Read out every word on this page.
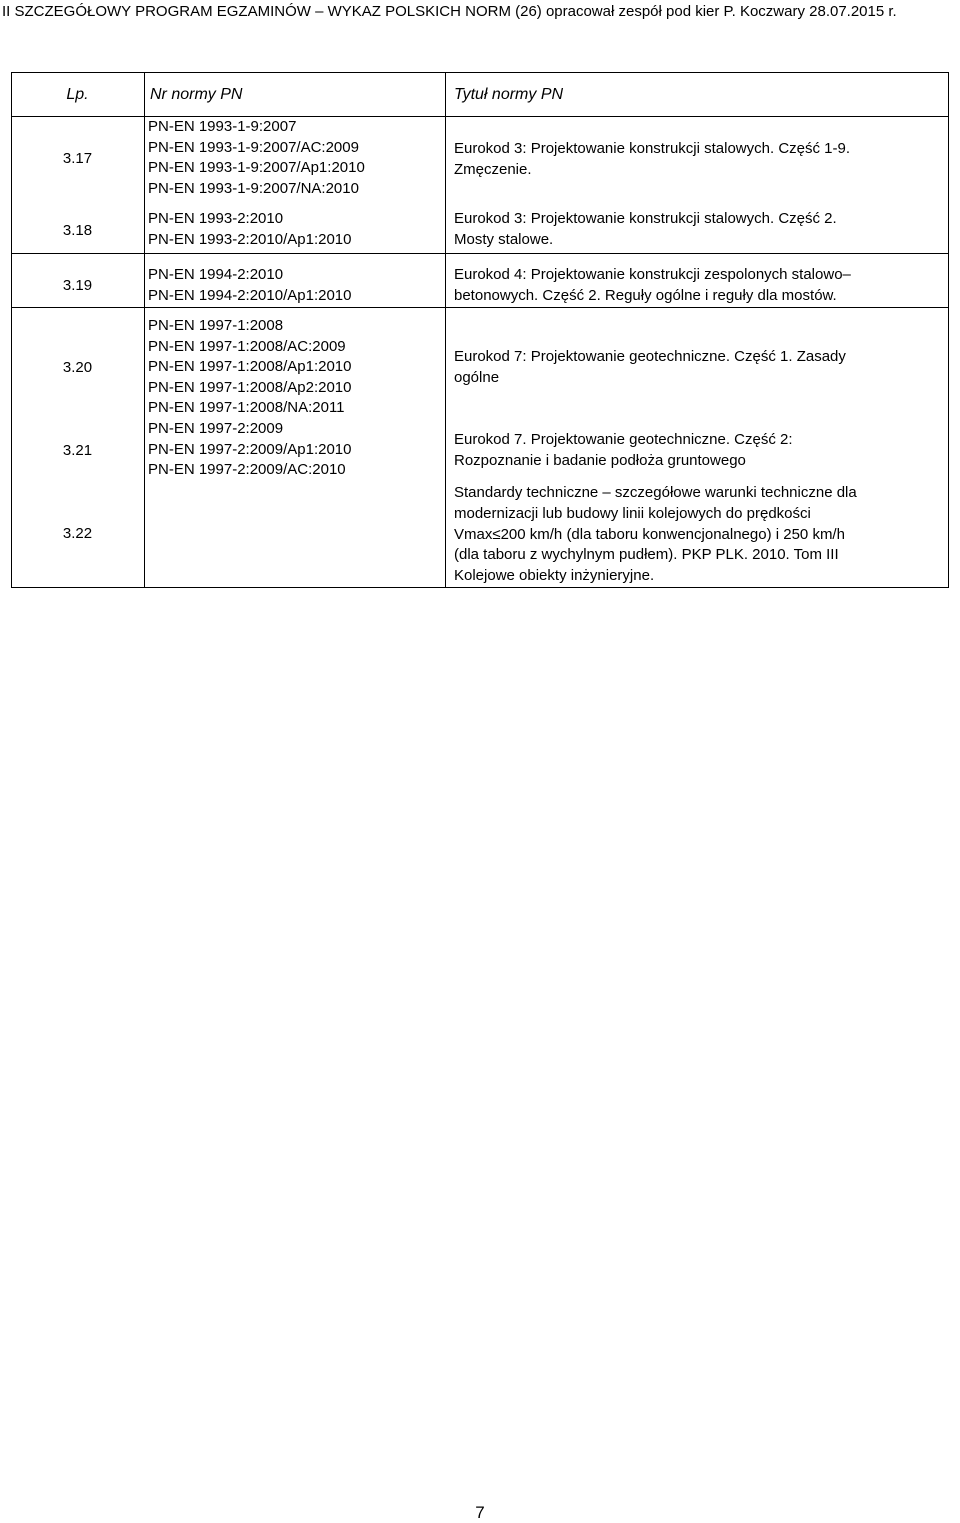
II SZCZEGÓŁOWY PROGRAM EGZAMINÓW – WYKAZ POLSKICH NORM (26) opracował zespół pod kier P. Koczwary 28.07.2015 r.
Lp.	Nr normy PN	Tytuł normy PN
3.17
PN-EN 1993-1-9:2007
PN-EN 1993-1-9:2007/AC:2009
PN-EN 1993-1-9:2007/Ap1:2010
PN-EN 1993-1-9:2007/NA:2010
Eurokod 3: Projektowanie konstrukcji stalowych. Część 1-9.
Zmęczenie.
3.18
PN-EN 1993-2:2010
PN-EN 1993-2:2010/Ap1:2010
Eurokod 3: Projektowanie konstrukcji stalowych. Część 2.
Mosty stalowe.
3.19
PN-EN 1994-2:2010
PN-EN 1994-2:2010/Ap1:2010
Eurokod 4: Projektowanie konstrukcji zespolonych stalowo–
betonowych. Część 2. Reguły ogólne i reguły dla mostów.
3.20
PN-EN 1997-1:2008
PN-EN 1997-1:2008/AC:2009
PN-EN 1997-1:2008/Ap1:2010
PN-EN 1997-1:2008/Ap2:2010
PN-EN 1997-1:2008/NA:2011
Eurokod 7: Projektowanie geotechniczne. Część 1. Zasady
ogólne
3.21
PN-EN 1997-2:2009
PN-EN 1997-2:2009/Ap1:2010
PN-EN 1997-2:2009/AC:2010
Eurokod 7. Projektowanie geotechniczne. Część 2:
Rozpoznanie i badanie podłoża gruntowego
3.22
Standardy techniczne – szczegółowe warunki techniczne dla
modernizacji lub budowy linii kolejowych do prędkości
Vmax≤200 km/h (dla taboru konwencjonalnego) i 250 km/h
(dla taboru z wychylnym pudłem). PKP PLK. 2010. Tom III
Kolejowe obiekty inżynieryjne.
7
